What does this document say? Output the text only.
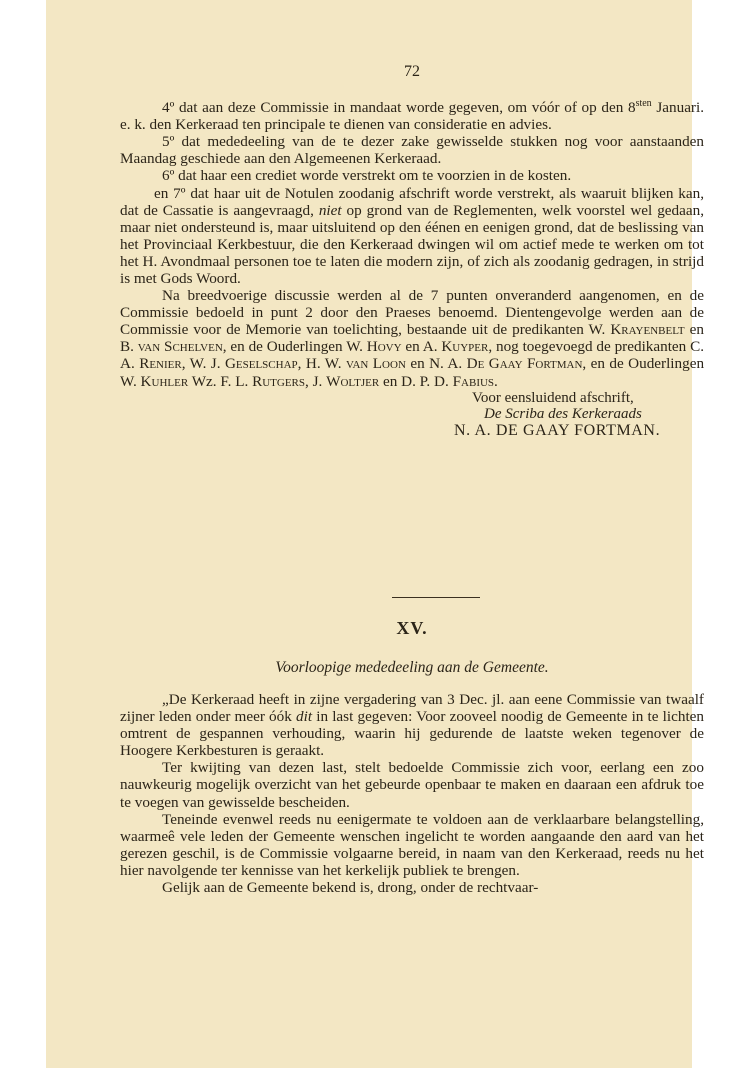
72

4º dat aan deze Commissie in mandaat worde gegeven, om vóór of op den $8^{sten}$ Januari. e. k. den Kerkeraad ten principale te dienen van consideratie en advies.

5º dat mededeeling van de te dezer zake gewisselde stukken nog voor aanstaanden Maandag geschiede aan den Algemeenen Kerkeraad.

6º dat haar een crediet worde verstrekt om te voorzien in de kosten.

en 7º dat haar uit de Notulen zoodanig afschrift worde verstrekt, als waaruit blijken kan, dat de Cassatie is aangevraagd, niet op grond van de Reglementen, welk voorstel wel gedaan, maar niet ondersteund is, maar uitsluitend op den éénen en eenigen grond, dat de beslissing van het Provinciaal Kerkbestuur, die den Kerkeraad dwingen wil om actief mede te werken om tot het H. Avondmaal personen toe te laten die modern zijn, of zich als zoodanig gedragen, in strijd is met Gods Woord.

Na breedvoerige discussie werden al de 7 punten onveranderd aangenomen, en de Commissie bedoeld in punt 2 door den Praeses benoemd. Dientengevolge werden aan de Commissie voor de Memorie van toelichting, bestaande uit de predikanten W. Krayenbelt en B. van Schelven, en de Ouderlingen W. Hovy en A. Kuyper, nog toegevoegd de predikanten C. A. Renier, W. J. Geselschap, H. W. van Loon en N. A. De Gaay Fortman, en de Ouderlingen W. Kuhler Wz. F. L. Rutgers, J. Woltjer en D. P. D. Fabius.

Voor eensluidend afschrift,
De Scriba des Kerkeraads
N. A. DE GAAY FORTMAN.
XV.
Voorloopige mededeeling aan de Gemeente.

„De Kerkeraad heeft in zijne vergadering van 3 Dec. jl. aan eene Commissie van twaalf zijner leden onder meer óók dit in last gegeven: Voor zooveel noodig de Gemeente in te lichten omtrent de gespannen verhouding, waarin hij gedurende de laatste weken tegenover de Hoogere Kerkbesturen is geraakt.

Ter kwijting van dezen last, stelt bedoelde Commissie zich voor, eerlang een zoo nauwkeurig mogelijk overzicht van het gebeurde openbaar te maken en daaraan een afdruk toe te voegen van gewisselde bescheiden.

Teneinde evenwel reeds nu eenigermate te voldoen aan de verklaarbare belangstelling, waarmeê vele leden der Gemeente wenschen ingelicht te worden aangaande den aard van het gerezen geschil, is de Commissie volgaarne bereid, in naam van den Kerkeraad, reeds nu het hier navolgende ter kennisse van het kerkelijk publiek te brengen.

Gelijk aan de Gemeente bekend is, drong, onder de rechtvaar-
